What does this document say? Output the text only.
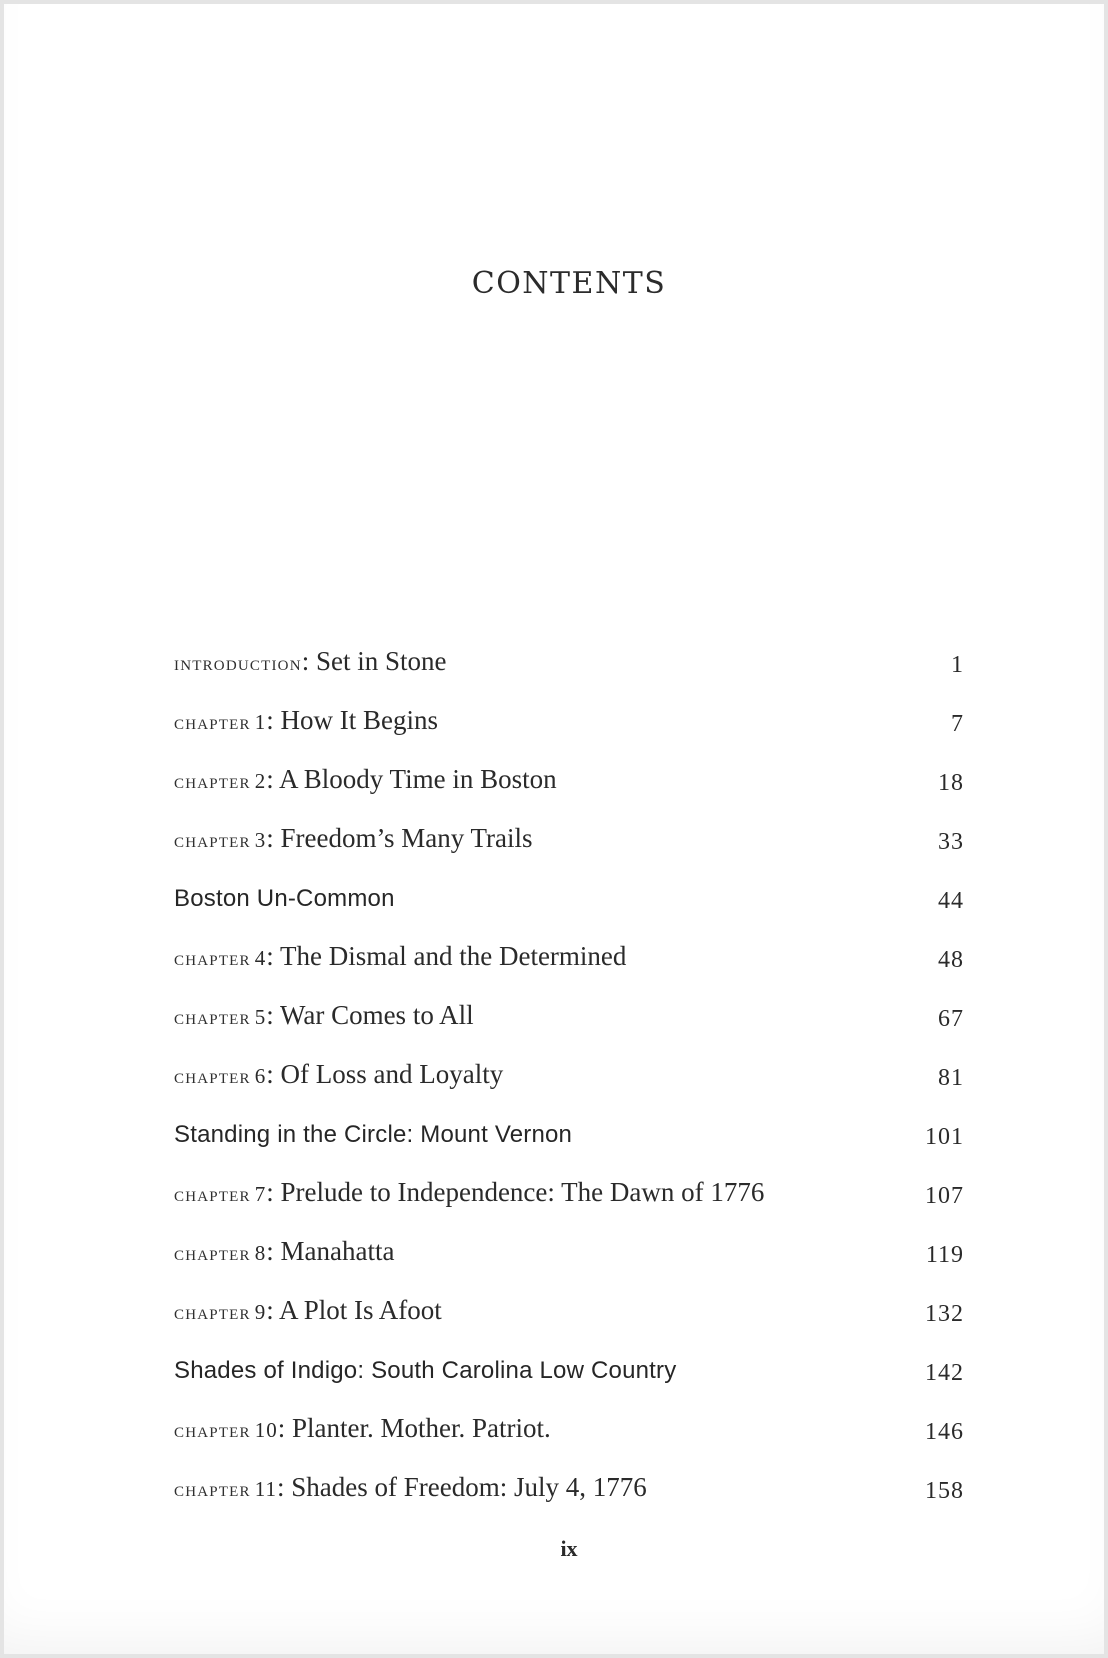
CONTENTS
introduction: Set in Stone	1
chapter 1: How It Begins	7
chapter 2: A Bloody Time in Boston	18
chapter 3: Freedom’s Many Trails	33
Boston Un-Common	44
chapter 4: The Dismal and the Determined	48
chapter 5: War Comes to All	67
chapter 6: Of Loss and Loyalty	81
Standing in the Circle: Mount Vernon	101
chapter 7: Prelude to Independence: The Dawn of 1776	107
chapter 8: Manahatta	119
chapter 9: A Plot Is Afoot	132
Shades of Indigo: South Carolina Low Country	142
chapter 10: Planter. Mother. Patriot.	146
chapter 11: Shades of Freedom: July 4, 1776	158
ix
